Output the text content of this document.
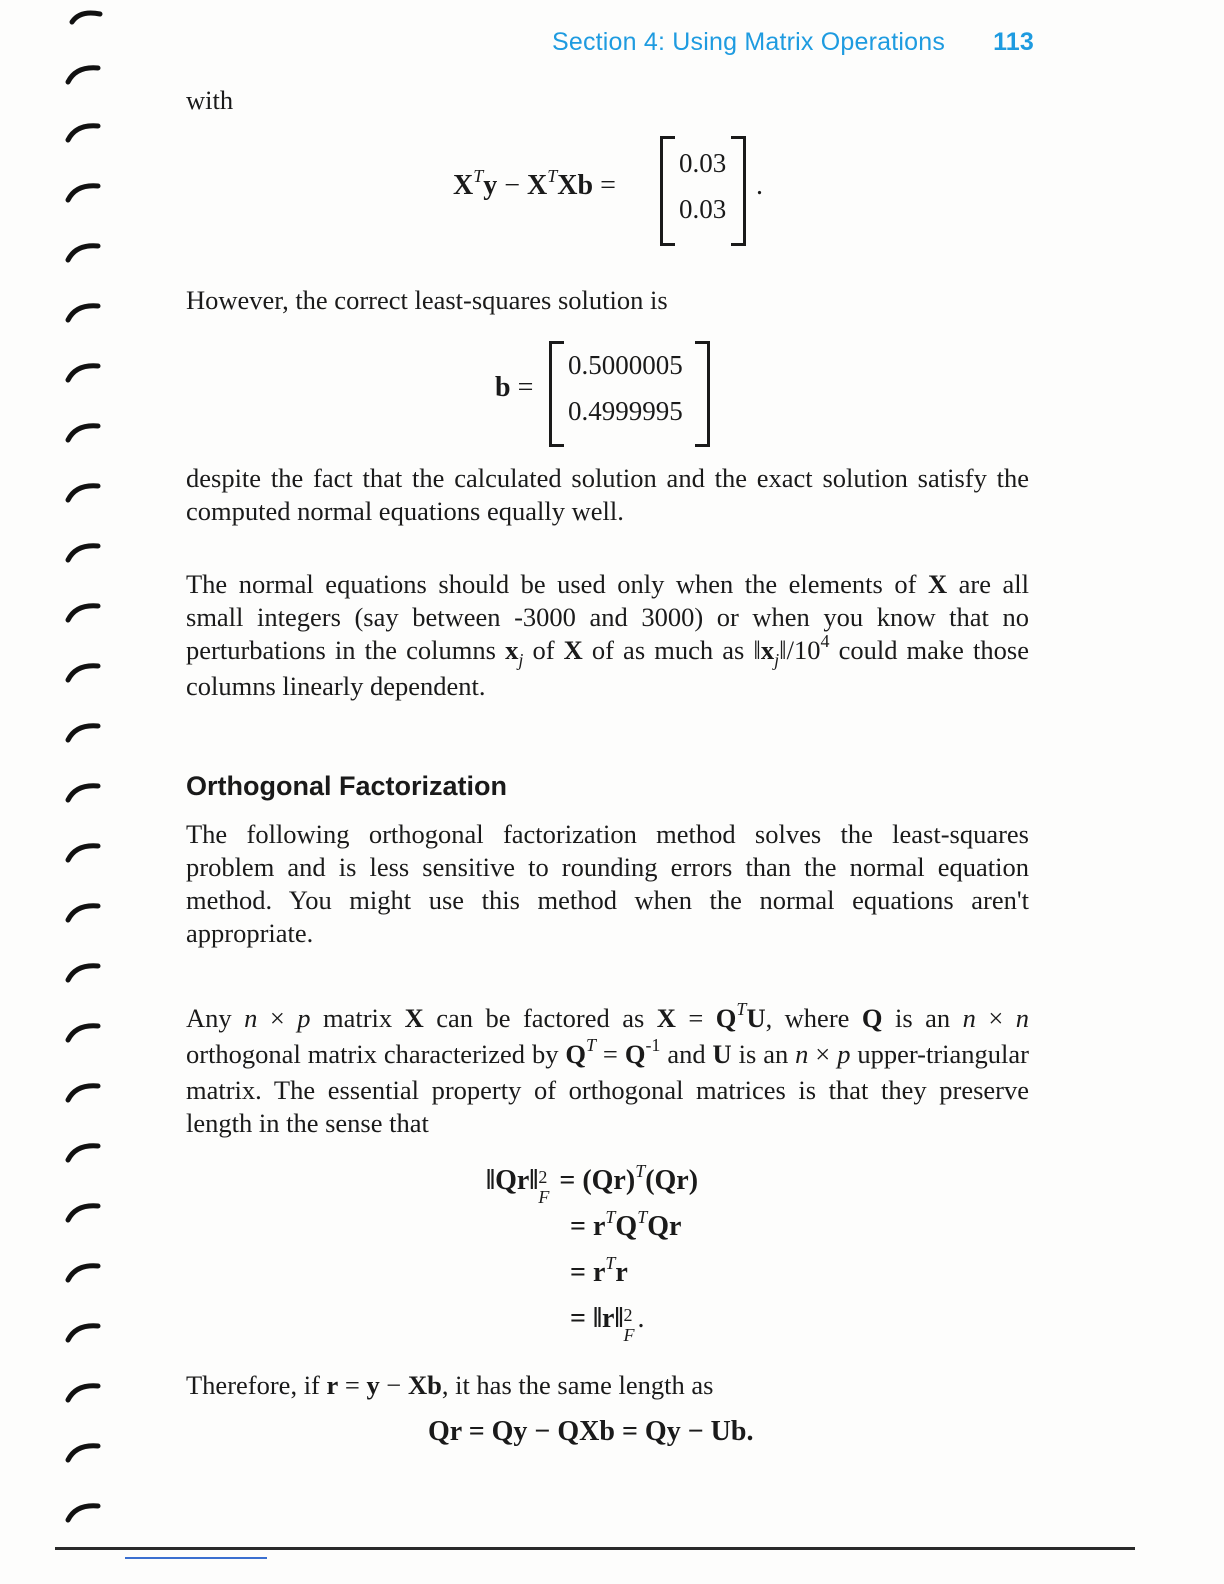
Section 4: Using Matrix Operations 113
with
$X^Ty - X^TXb$ =
0.03
0.03
.
However, the correct least-squares solution is
b =
0.5000005
0.4999995
despite the fact that the calculated solution and the exact solution satisfy the computed normal equations equally well.
The normal equations should be used only when the elements of X are all small integers (say between -3000 and 3000) or when you know that no perturbations in the columns $x_j$ of X of as much as $‖x_j‖/10^4$ could make those columns linearly dependent.
Orthogonal Factorization
The following orthogonal factorization method solves the least-squares problem and is less sensitive to rounding errors than the normal equation method. You might use this method when the normal equations aren't appropriate.
Any n × p matrix X can be factored as $X = Q^TU$, where Q is an n × n orthogonal matrix characterized by $Q^T = Q^{-1}$ and U is an n × p upper-triangular matrix. The essential property of orthogonal matrices is that they preserve length in the sense that
‖Qr‖ 2
F
= $(Qr)^T(Qr)$
= $r^TQ^TQr$
= $r^Tr$
= ‖r‖ 2
F
.
Therefore, if r = y − Xb, it has the same length as
Qr = Qy − QXb = Qy − Ub.
